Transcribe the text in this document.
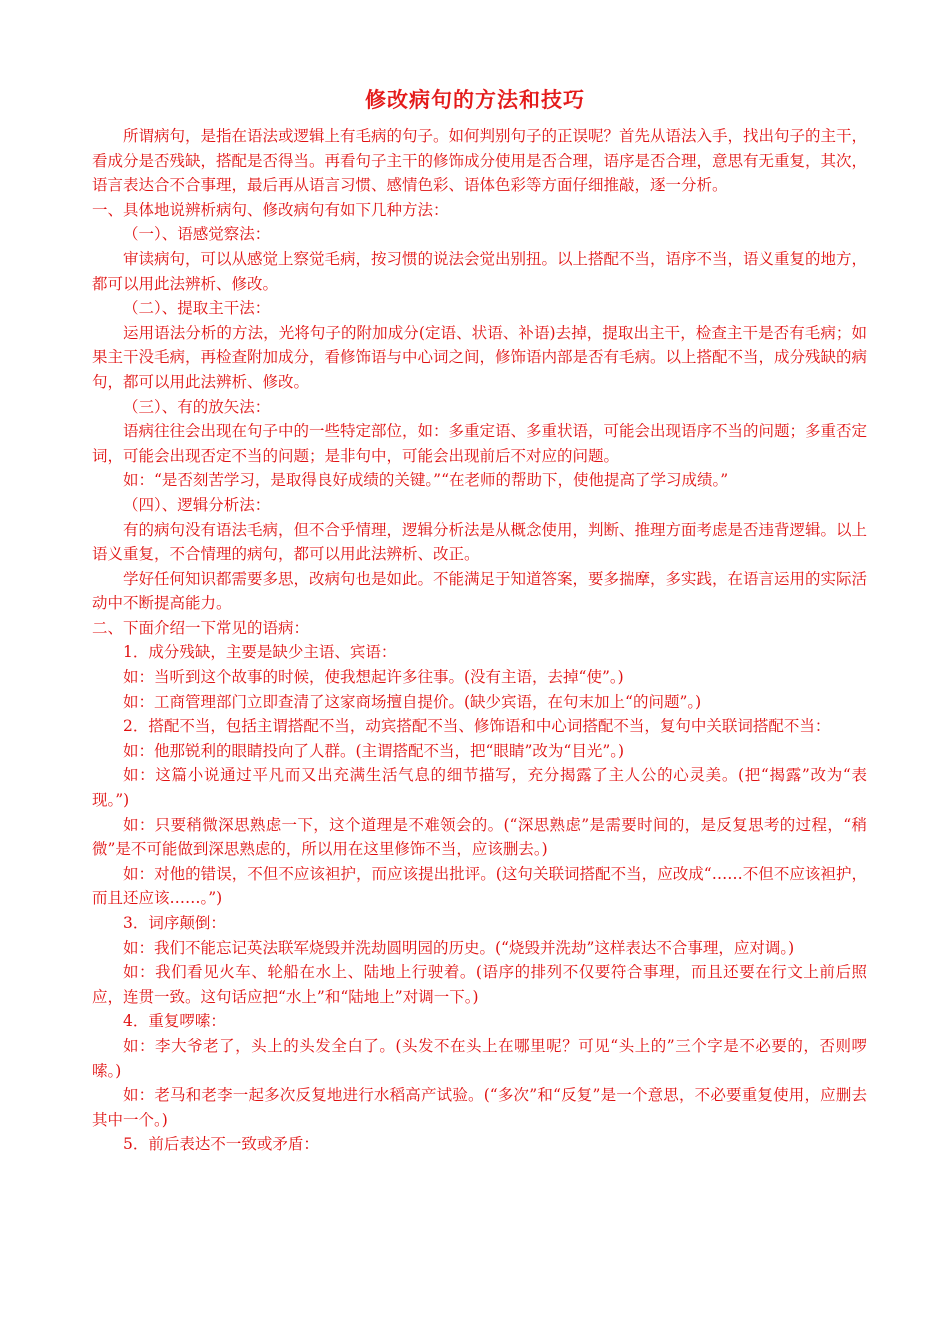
修改病句的方法和技巧

所谓病句，是指在语法或逻辑上有毛病的句子。如何判别句子的正误呢？首先从语法入手，找出句子的主干，看成分是否残缺，搭配是否得当。再看句子主干的修饰成分使用是否合理，语序是否合理，意思有无重复，其次，语言表达合不合事理，最后再从语言习惯、感情色彩、语体色彩等方面仔细推敲，逐一分析。

一、具体地说辨析病句、修改病句有如下几种方法：

（一）、语感觉察法：

审读病句，可以从感觉上察觉毛病，按习惯的说法会觉出别扭。以上搭配不当，语序不当，语义重复的地方，都可以用此法辨析、修改。

（二）、提取主干法：

运用语法分析的方法，光将句子的附加成分(定语、状语、补语)去掉，提取出主干，检查主干是否有毛病；如果主干没毛病，再检查附加成分，看修饰语与中心词之间，修饰语内部是否有毛病。以上搭配不当，成分残缺的病句，都可以用此法辨析、修改。

（三）、有的放矢法：

语病往往会出现在句子中的一些特定部位，如：多重定语、多重状语，可能会出现语序不当的问题；多重否定词，可能会出现否定不当的问题；是非句中，可能会出现前后不对应的问题。

如：“是否刻苦学习，是取得良好成绩的关键。”“在老师的帮助下，使他提高了学习成绩。”

（四）、逻辑分析法：

有的病句没有语法毛病，但不合乎情理，逻辑分析法是从概念使用，判断、推理方面考虑是否违背逻辑。以上语义重复，不合情理的病句，都可以用此法辨析、改正。

学好任何知识都需要多思，改病句也是如此。不能满足于知道答案，要多揣摩，多实践，在语言运用的实际活动中不断提高能力。

二、下面介绍一下常见的语病：

1．成分残缺，主要是缺少主语、宾语：

如：当听到这个故事的时候，使我想起许多往事。(没有主语，去掉“使”。)

如：工商管理部门立即查清了这家商场擅自提价。(缺少宾语，在句末加上“的问题”。)

2．搭配不当，包括主谓搭配不当，动宾搭配不当、修饰语和中心词搭配不当，复句中关联词搭配不当：

如：他那锐利的眼睛投向了人群。(主谓搭配不当，把“眼睛”改为“目光”。)

如：这篇小说通过平凡而又出充满生活气息的细节描写，充分揭露了主人公的心灵美。(把“揭露”改为“表现。”)

如：只要稍微深思熟虑一下，这个道理是不难领会的。(“深思熟虑”是需要时间的，是反复思考的过程，“稍微”是不可能做到深思熟虑的，所以用在这里修饰不当，应该删去。)

如：对他的错误，不但不应该袒护，而应该提出批评。(这句关联词搭配不当，应改成“……不但不应该袒护，而且还应该……。”)

3．词序颠倒：

如：我们不能忘记英法联军烧毁并洗劫圆明园的历史。(“烧毁并洗劫”这样表达不合事理，应对调。)

如：我们看见火车、轮船在水上、陆地上行驶着。(语序的排列不仅要符合事理，而且还要在行文上前后照应，连贯一致。这句话应把“水上”和“陆地上”对调一下。)

4．重复啰嗦：

如：李大爷老了，头上的头发全白了。(头发不在头上在哪里呢？可见“头上的”三个字是不必要的，否则啰嗦。)

如：老马和老李一起多次反复地进行水稻高产试验。(“多次”和“反复”是一个意思，不必要重复使用，应删去其中一个。)

5．前后表达不一致或矛盾：
